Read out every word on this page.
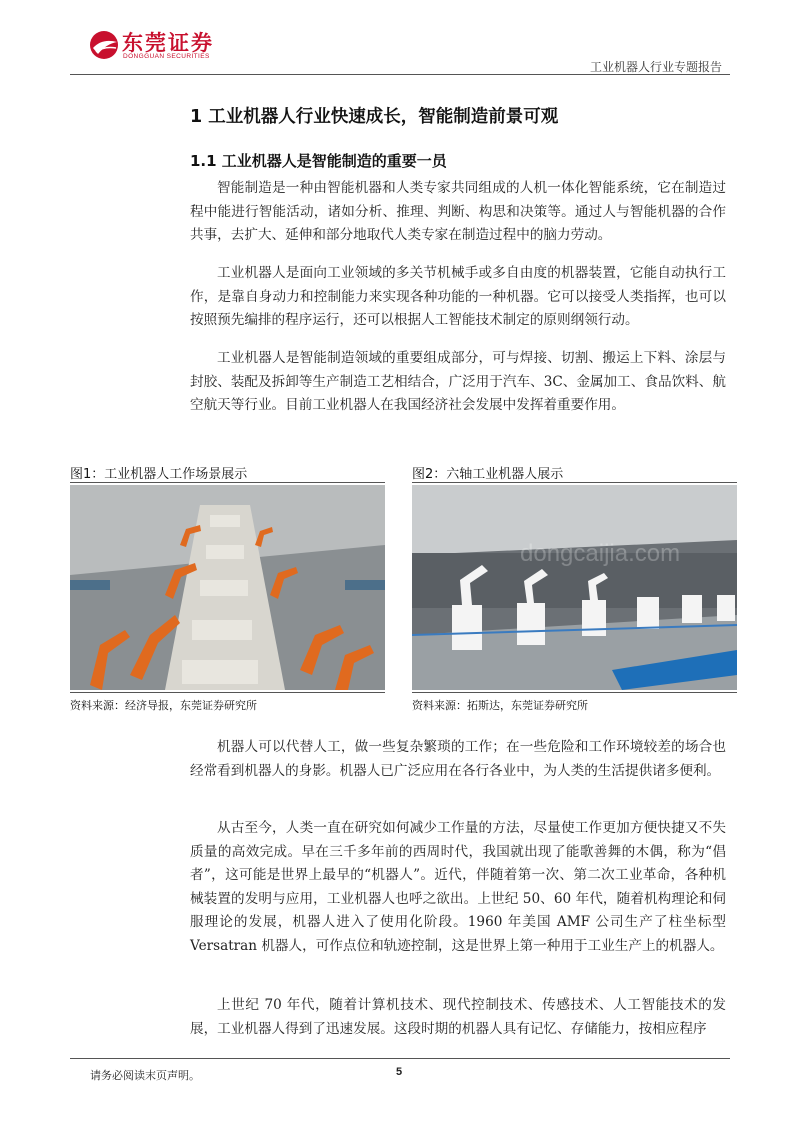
东莞证券
DONGGUAN SECURITIES
工业机器人行业专题报告
1 工业机器人行业快速成长，智能制造前景可观
1.1 工业机器人是智能制造的重要一员

智能制造是一种由智能机器和人类专家共同组成的人机一体化智能系统，它在制造过程中能进行智能活动，诸如分析、推理、判断、构思和决策等。通过人与智能机器的合作共事，去扩大、延伸和部分地取代人类专家在制造过程中的脑力劳动。

工业机器人是面向工业领域的多关节机械手或多自由度的机器装置，它能自动执行工作，是靠自身动力和控制能力来实现各种功能的一种机器。它可以接受人类指挥，也可以按照预先编排的程序运行，还可以根据人工智能技术制定的原则纲领行动。

工业机器人是智能制造领域的重要组成部分，可与焊接、切割、搬运上下料、涂层与封胶、装配及拆卸等生产制造工艺相结合，广泛用于汽车、3C、金属加工、食品饮料、航空航天等行业。目前工业机器人在我国经济社会发展中发挥着重要作用。

图1：工业机器人工作场景展示
资料来源：经济导报，东莞证券研究所
图2：六轴工业机器人展示
dongcaijia.com
资料来源：拓斯达，东莞证券研究所

机器人可以代替人工，做一些复杂繁琐的工作；在一些危险和工作环境较差的场合也经常看到机器人的身影。机器人已广泛应用在各行各业中，为人类的生活提供诸多便利。

从古至今，人类一直在研究如何减少工作量的方法，尽量使工作更加方便快捷又不失质量的高效完成。早在三千多年前的西周时代，我国就出现了能歌善舞的木偶，称为“倡者”，这可能是世界上最早的“机器人”。近代，伴随着第一次、第二次工业革命，各种机械装置的发明与应用，工业机器人也呼之欲出。上世纪 50、60 年代，随着机构理论和伺服理论的发展，机器人进入了使用化阶段。1960 年美国 AMF 公司生产了柱坐标型 Versatran 机器人，可作点位和轨迹控制，这是世界上第一种用于工业生产上的机器人。

上世纪 70 年代，随着计算机技术、现代控制技术、传感技术、人工智能技术的发展，工业机器人得到了迅速发展。这段时期的机器人具有记忆、存储能力，按相应程序

请务必阅读末页声明。	5
